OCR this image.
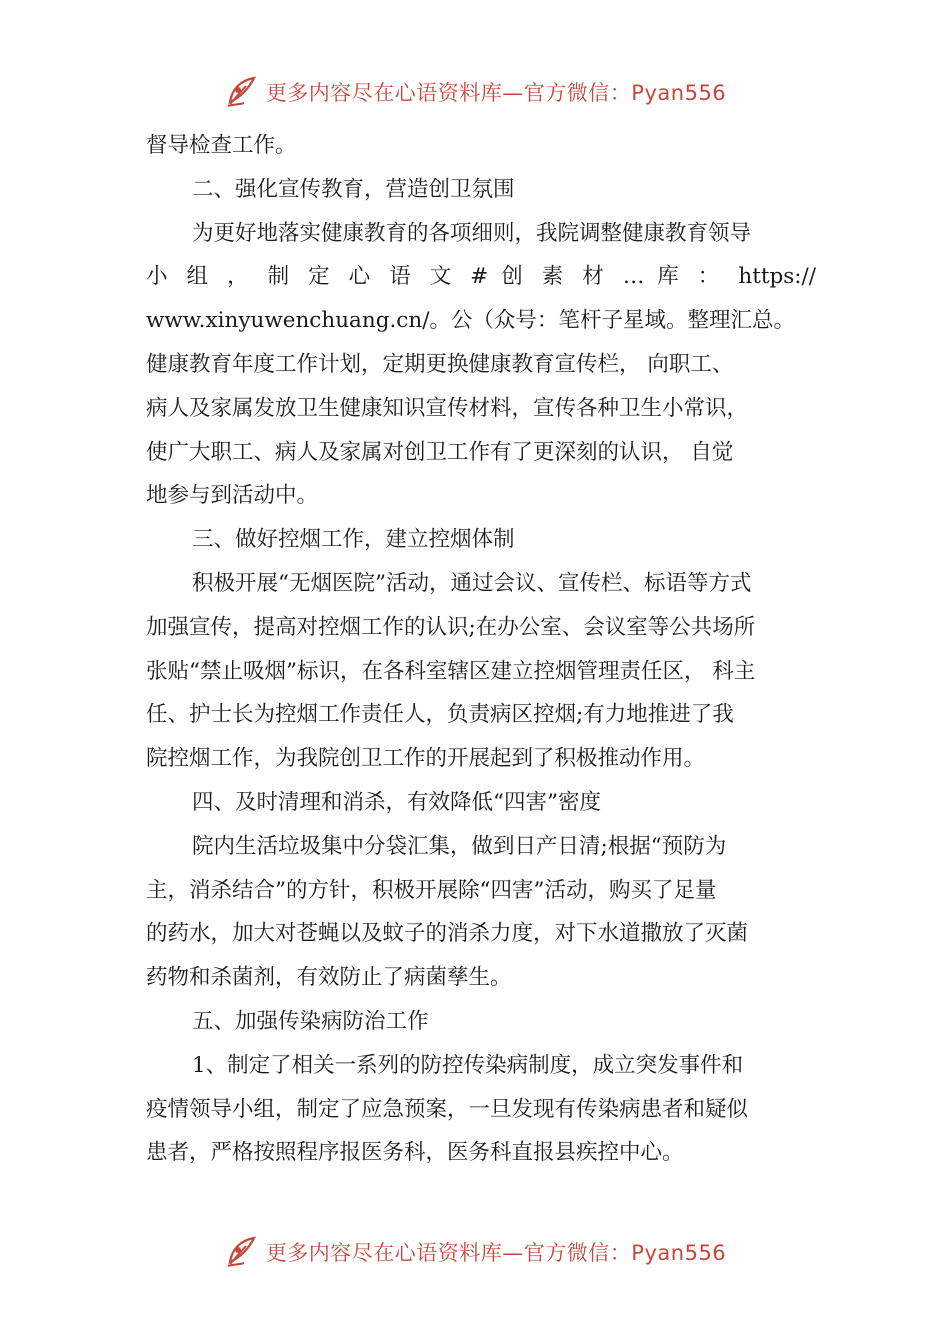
更多内容尽在心语资料库—官方微信：Pyan556
督导检查工作。
二、强化宣传教育，营造创卫氛围
为更好地落实健康教育的各项细则，我院调整健康教育领导
小 组 ， 制 定 心 语 文 # 创 素 材 … 库 ： https://
www.xinyuwenchuang.cn/。公（众号：笔杆子星域。整理汇总。
健康教育年度工作计划，定期更换健康教育宣传栏， 向职工、
病人及家属发放卫生健康知识宣传材料，宣传各种卫生小常识，
使广大职工、病人及家属对创卫工作有了更深刻的认识， 自觉
地参与到活动中。
三、做好控烟工作，建立控烟体制
积极开展“无烟医院”活动，通过会议、宣传栏、标语等方式
加强宣传，提高对控烟工作的认识;在办公室、会议室等公共场所
张贴“禁止吸烟”标识，在各科室辖区建立控烟管理责任区， 科主
任、护士长为控烟工作责任人，负责病区控烟;有力地推进了我
院控烟工作，为我院创卫工作的开展起到了积极推动作用。
四、及时清理和消杀，有效降低“四害”密度
院内生活垃圾集中分袋汇集，做到日产日清;根据“预防为
主，消杀结合”的方针，积极开展除“四害”活动，购买了足量
的药水，加大对苍蝇以及蚊子的消杀力度，对下水道撒放了灭菌
药物和杀菌剂，有效防止了病菌孳生。
五、加强传染病防治工作
1、制定了相关一系列的防控传染病制度，成立突发事件和
疫情领导小组，制定了应急预案，一旦发现有传染病患者和疑似
患者，严格按照程序报医务科，医务科直报县疾控中心。
更多内容尽在心语资料库—官方微信：Pyan556
